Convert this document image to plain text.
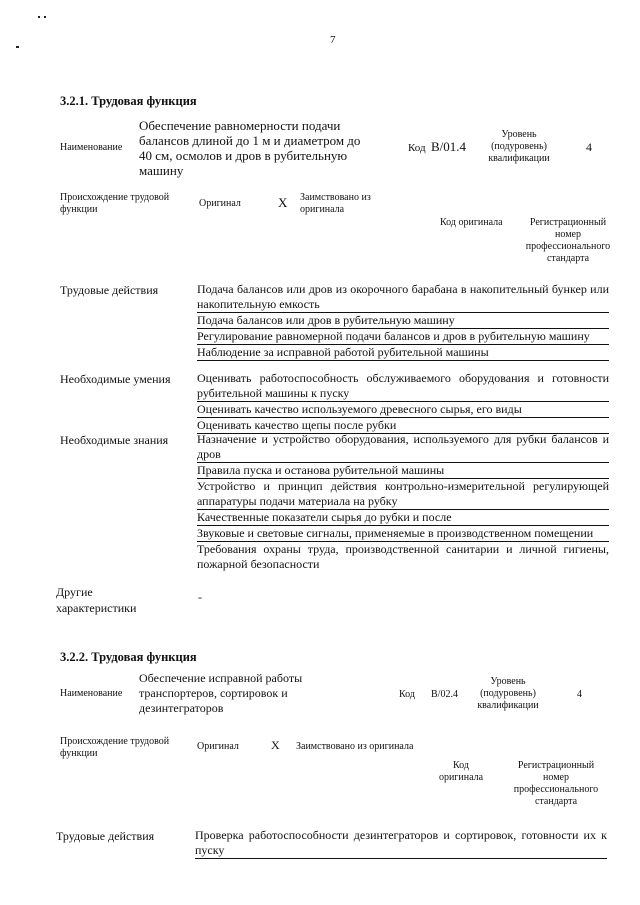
7
3.2.1. Трудовая функция
Наименование
Обеспечение равномерности подачи балансов длиной до 1 м и диаметром до 40 см, осмолов и дров в рубительную машину
Код B/01.4
Уровень (подуровень) квалификации
4
Происхождение трудовой функции
Оригинал	X Заимствовано из оригинала
Код оригинала	Регистрационный номер профессионального стандарта
Трудовые действия	Подача балансов или дров из окорочного барабана в накопительный бункер или накопительную емкость
Подача балансов или дров в рубительную машину
Регулирование равномерной подачи балансов и дров в рубительную машину
Наблюдение за исправной работой рубительной машины
Необходимые умения Оценивать работоспособность обслуживаемого оборудования и готовности рубительной машины к пуску
Оценивать качество используемого древесного сырья, его виды
Оценивать качество щепы после рубки
Необходимые знания Назначение и устройство оборудования, используемого для рубки балансов и дров
Правила пуска и останова рубительной машины
Устройство и принцип действия контрольно-измерительной регулирующей аппаратуры подачи материала на рубку
Качественные показатели сырья до рубки и после
Звуковые и световые сигналы, применяемые в производственном помещении
Требования охраны труда, производственной санитарии и личной гигиены, пожарной безопасности
Другие характеристики
-
3.2.2. Трудовая функция
Наименование
Обеспечение исправной работы транспортеров, сортировок и дезинтеграторов
Код B/02.4
Уровень (подуровень) квалификации
4
Происхождение трудовой функции
Оригинал	X Заимствовано из оригинала
Код оригинала
Регистрационный номер профессионального стандарта
Трудовые действия	Проверка работоспособности дезинтеграторов и сортировок, готовности их к пуску
